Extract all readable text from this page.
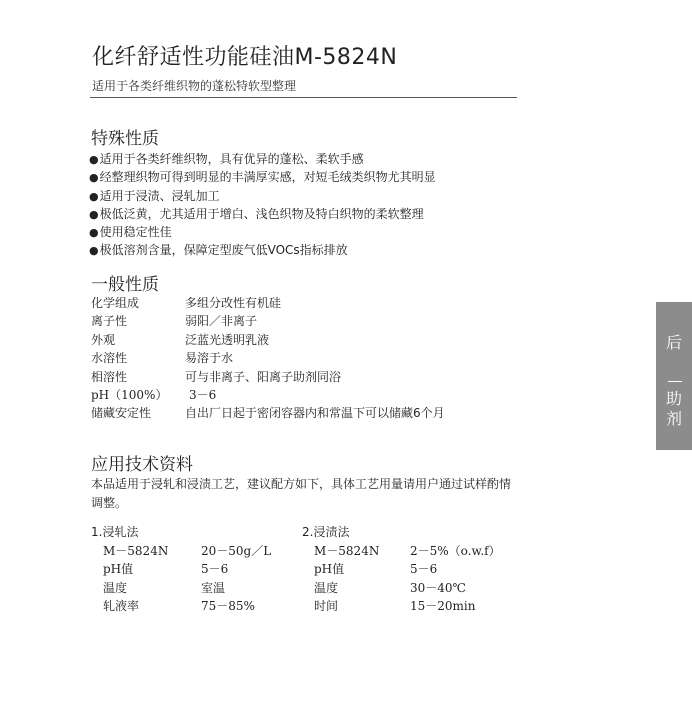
化纤舒适性功能硅油M-5824N
适用于各类纤维织物的蓬松特软型整理
特殊性质
●适用于各类纤维织物，具有优异的蓬松、柔软手感
●经整理织物可得到明显的丰满厚实感，对短毛绒类织物尤其明显
●适用于浸渍、浸轧加工
●极低泛黄，尤其适用于增白、浅色织物及特白织物的柔软整理
●使用稳定性佳
●极低溶剂含量，保障定型废气低VOCs指标排放
一般性质
化学组成	多组分改性有机硅
离子性	弱阳／非离子
外观	泛蓝光透明乳液
水溶性	易溶于水
相溶性	可与非离子、阳离子助剂同浴
pH（100%） 3－6
储藏安定性	自出厂日起于密闭容器内和常温下可以储藏6个月
应用技术资料
本品适用于浸轧和浸渍工艺，建议配方如下，具体工艺用量请用户通过试样酌情调整。
1.浸轧法
M－5824N	20－50g／L
pH值	5－6
温度	室温
轧液率	75－85%
2.浸渍法
M－5824N	2－5%（o.w.f）
pH值	5－6
温度	30－40℃
时间	15－20min
后
助
剂
